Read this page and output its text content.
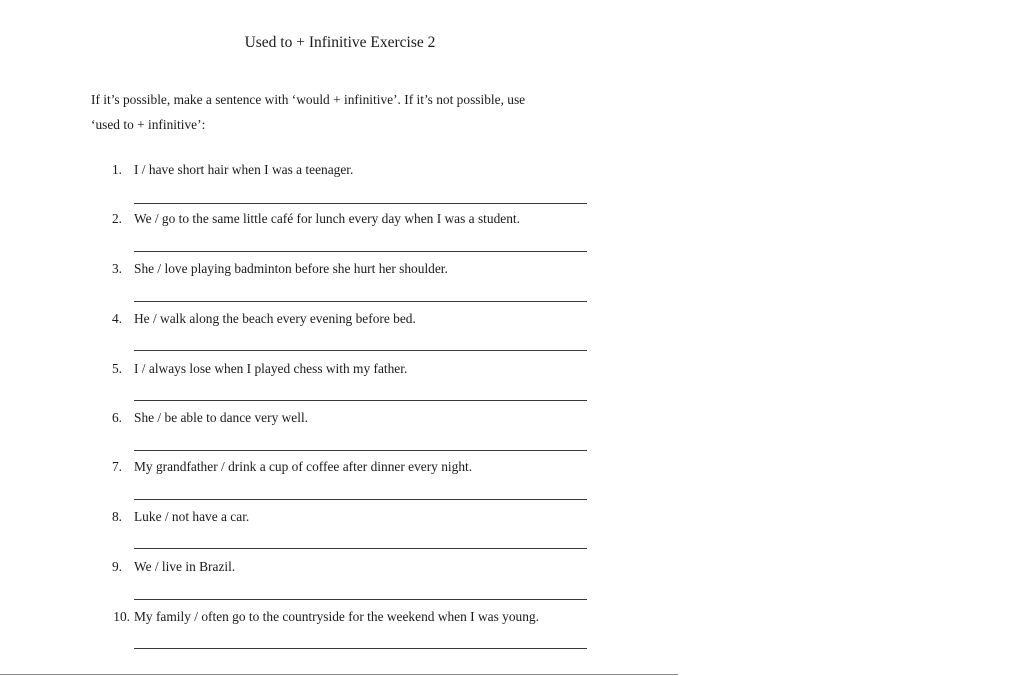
Used to + Infinitive Exercise 2
If it’s possible, make a sentence with ‘would + infinitive’. If it’s not possible, use
‘used to + infinitive’:
1. I / have short hair when I was a teenager.
2. We / go to the same little café for lunch every day when I was a student.
3. She / love playing badminton before she hurt her shoulder.
4. He / walk along the beach every evening before bed.
5. I / always lose when I played chess with my father.
6. She / be able to dance very well.
7. My grandfather / drink a cup of coffee after dinner every night.
8. Luke / not have a car.
9. We / live in Brazil.
10. My family / often go to the countryside for the weekend when I was young.
